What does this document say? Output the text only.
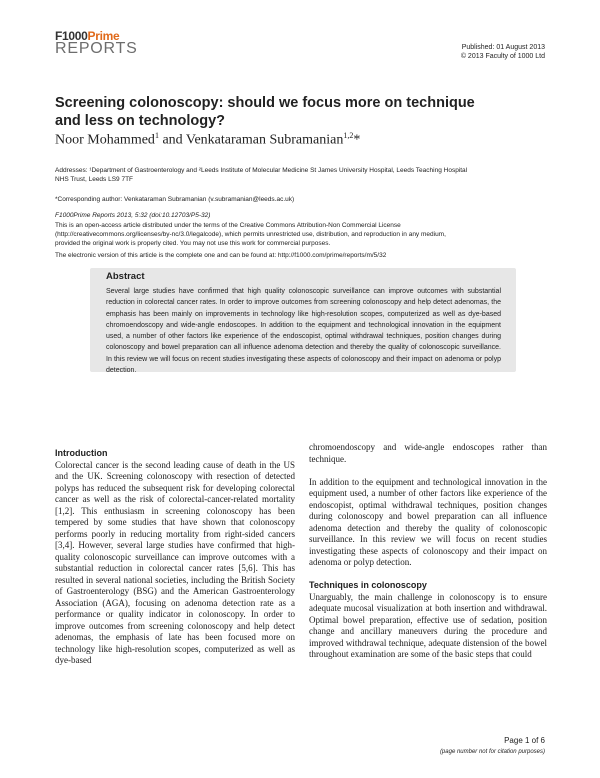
F1000Prime
REPORTS	Published: 01 August 2013
© 2013 Faculty of 1000 Ltd
Screening colonoscopy: should we focus more on technique
and less on technology?
Noor Mohammed$^1$ and Venkataraman Subramanian$^{1,2}$*
Addresses: ¹Department of Gastroenterology and ²Leeds Institute of Molecular Medicine St James University Hospital, Leeds Teaching Hospital
NHS Trust, Leeds LS9 7TF
*Corresponding author: Venkataraman Subramanian (v.subramanian@leeds.ac.uk)
F1000Prime Reports 2013, 5:32 (doi:10.12703/P5-32)
This is an open-access article distributed under the terms of the Creative Commons Attribution-Non Commercial License
(http://creativecommons.org/licenses/by-nc/3.0/legalcode), which permits unrestricted use, distribution, and reproduction in any medium,
provided the original work is properly cited. You may not use this work for commercial purposes.
The electronic version of this article is the complete one and can be found at: http://f1000.com/prime/reports/m/5/32
Abstract
Several large studies have confirmed that high quality colonoscopic surveillance can improve outcomes with substantial reduction in colorectal cancer rates. In order to improve outcomes from screening colonoscopy and help detect adenomas, the emphasis has been mainly on improvements in technology like high-resolution scopes, computerized as well as dye-based chromoendoscopy and wide-angle endoscopes. In addition to the equipment and technological innovation in the equipment used, a number of other factors like experience of the endoscopist, optimal withdrawal techniques, position changes during colonoscopy and bowel preparation can all influence adenoma detection and thereby the quality of colonoscopic surveillance. In this review we will focus on recent studies investigating these aspects of colonoscopy and their impact on adenoma or polyp detection.
Introduction

Colorectal cancer is the second leading cause of death in the US and the UK. Screening colonoscopy with resection of detected polyps has reduced the subsequent risk for developing colorectal cancer as well as the risk of colorectal-cancer-related mortality [1,2]. This enthusiasm in screening colonoscopy has been tempered by some studies that have shown that colonoscopy performs poorly in reducing mortality from right-sided cancers [3,4]. However, several large studies have confirmed that high-quality colonoscopic surveillance can improve outcomes with a substantial reduction in colorectal cancer rates [5,6]. This has resulted in several national societies, including the British Society of Gastroenterology (BSG) and the American Gastroenterology Association (AGA), focusing on adenoma detection rate as a performance or quality indicator in colonoscopy. In order to improve outcomes from screening colonoscopy and help detect adenomas, the emphasis of late has been focused more on technology like high-resolution scopes, computerized as well as dye-based

chromoendoscopy and wide-angle endoscopes rather than technique.

In addition to the equipment and technological innovation in the equipment used, a number of other factors like experience of the endoscopist, optimal withdrawal techniques, position changes during colonoscopy and bowel preparation can all influence adenoma detection and thereby the quality of colonoscopic surveillance. In this review we will focus on recent studies investigating these aspects of colonoscopy and their impact on adenoma or polyp detection.

Techniques in colonoscopy

Unarguably, the main challenge in colonoscopy is to ensure adequate mucosal visualization at both insertion and withdrawal. Optimal bowel preparation, effective use of sedation, position change and ancillary maneuvers during the procedure and improved withdrawal technique, adequate distension of the bowel throughout examination are some of the basic steps that could

Page 1 of 6
(page number not for citation purposes)
